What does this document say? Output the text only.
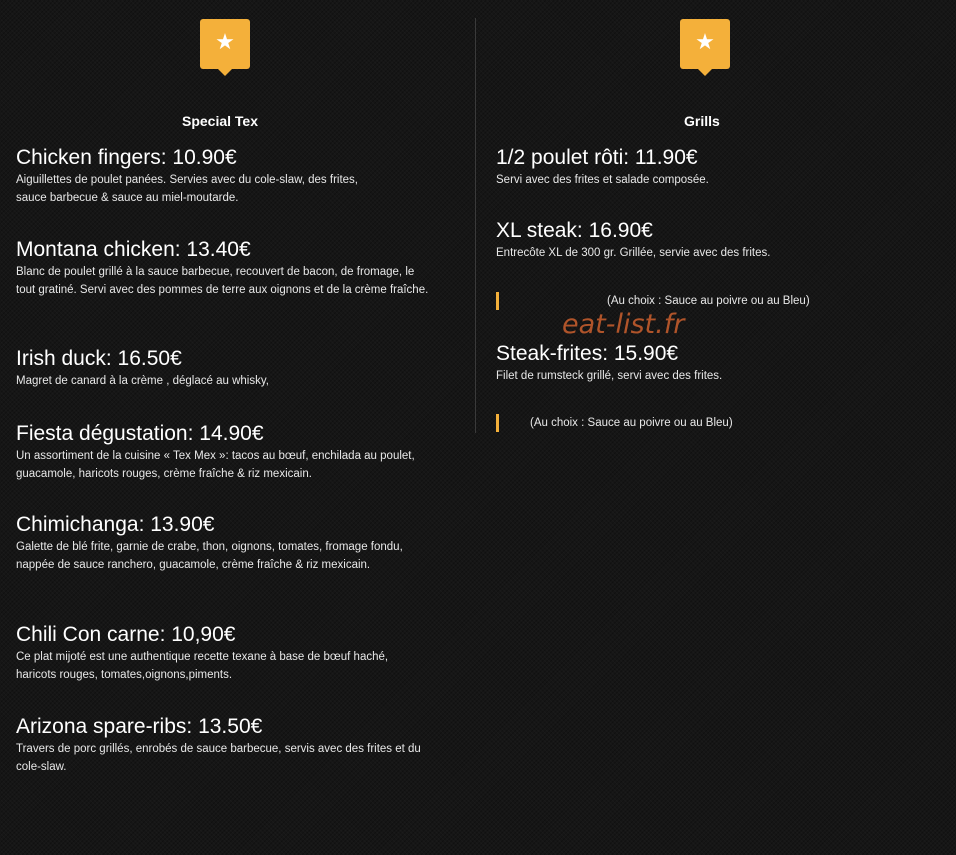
★
Special Tex
Chicken fingers: 10.90€
Aiguillettes de poulet panées. Servies avec du cole-slaw, des frites, sauce barbecue & sauce au miel-moutarde.
Montana chicken: 13.40€
Blanc de poulet grillé à la sauce barbecue, recouvert de bacon, de fromage, le tout gratiné. Servi avec des pommes de terre aux oignons et de la crème fraîche.
Irish duck: 16.50€
Magret de canard à la crème , déglacé au whisky,
Fiesta dégustation: 14.90€
Un assortiment de la cuisine « Tex Mex »: tacos au bœuf, enchilada au poulet, guacamole, haricots rouges, crème fraîche & riz mexicain.
Chimichanga: 13.90€
Galette de blé frite, garnie de crabe, thon, oignons, tomates, fromage fondu, nappée de sauce ranchero, guacamole, crème fraîche & riz mexicain.
Chili Con carne: 10,90€
Ce plat mijoté est une authentique recette texane à base de bœuf haché, haricots rouges, tomates,oignons,piments.
Arizona spare-ribs: 13.50€
Travers de porc grillés, enrobés de sauce barbecue, servis avec des frites et du cole-slaw.
★
Grills
1/2 poulet rôti: 11.90€
Servi avec des frites et salade composée.
XL steak: 16.90€
Entrecôte XL de 300 gr. Grillée, servie avec des frites.
(Au choix : Sauce au poivre ou au Bleu)
Steak-frites: 15.90€
Filet de rumsteck grillé, servi avec des frites.
(Au choix : Sauce au poivre ou au Bleu)
eat-list.fr
